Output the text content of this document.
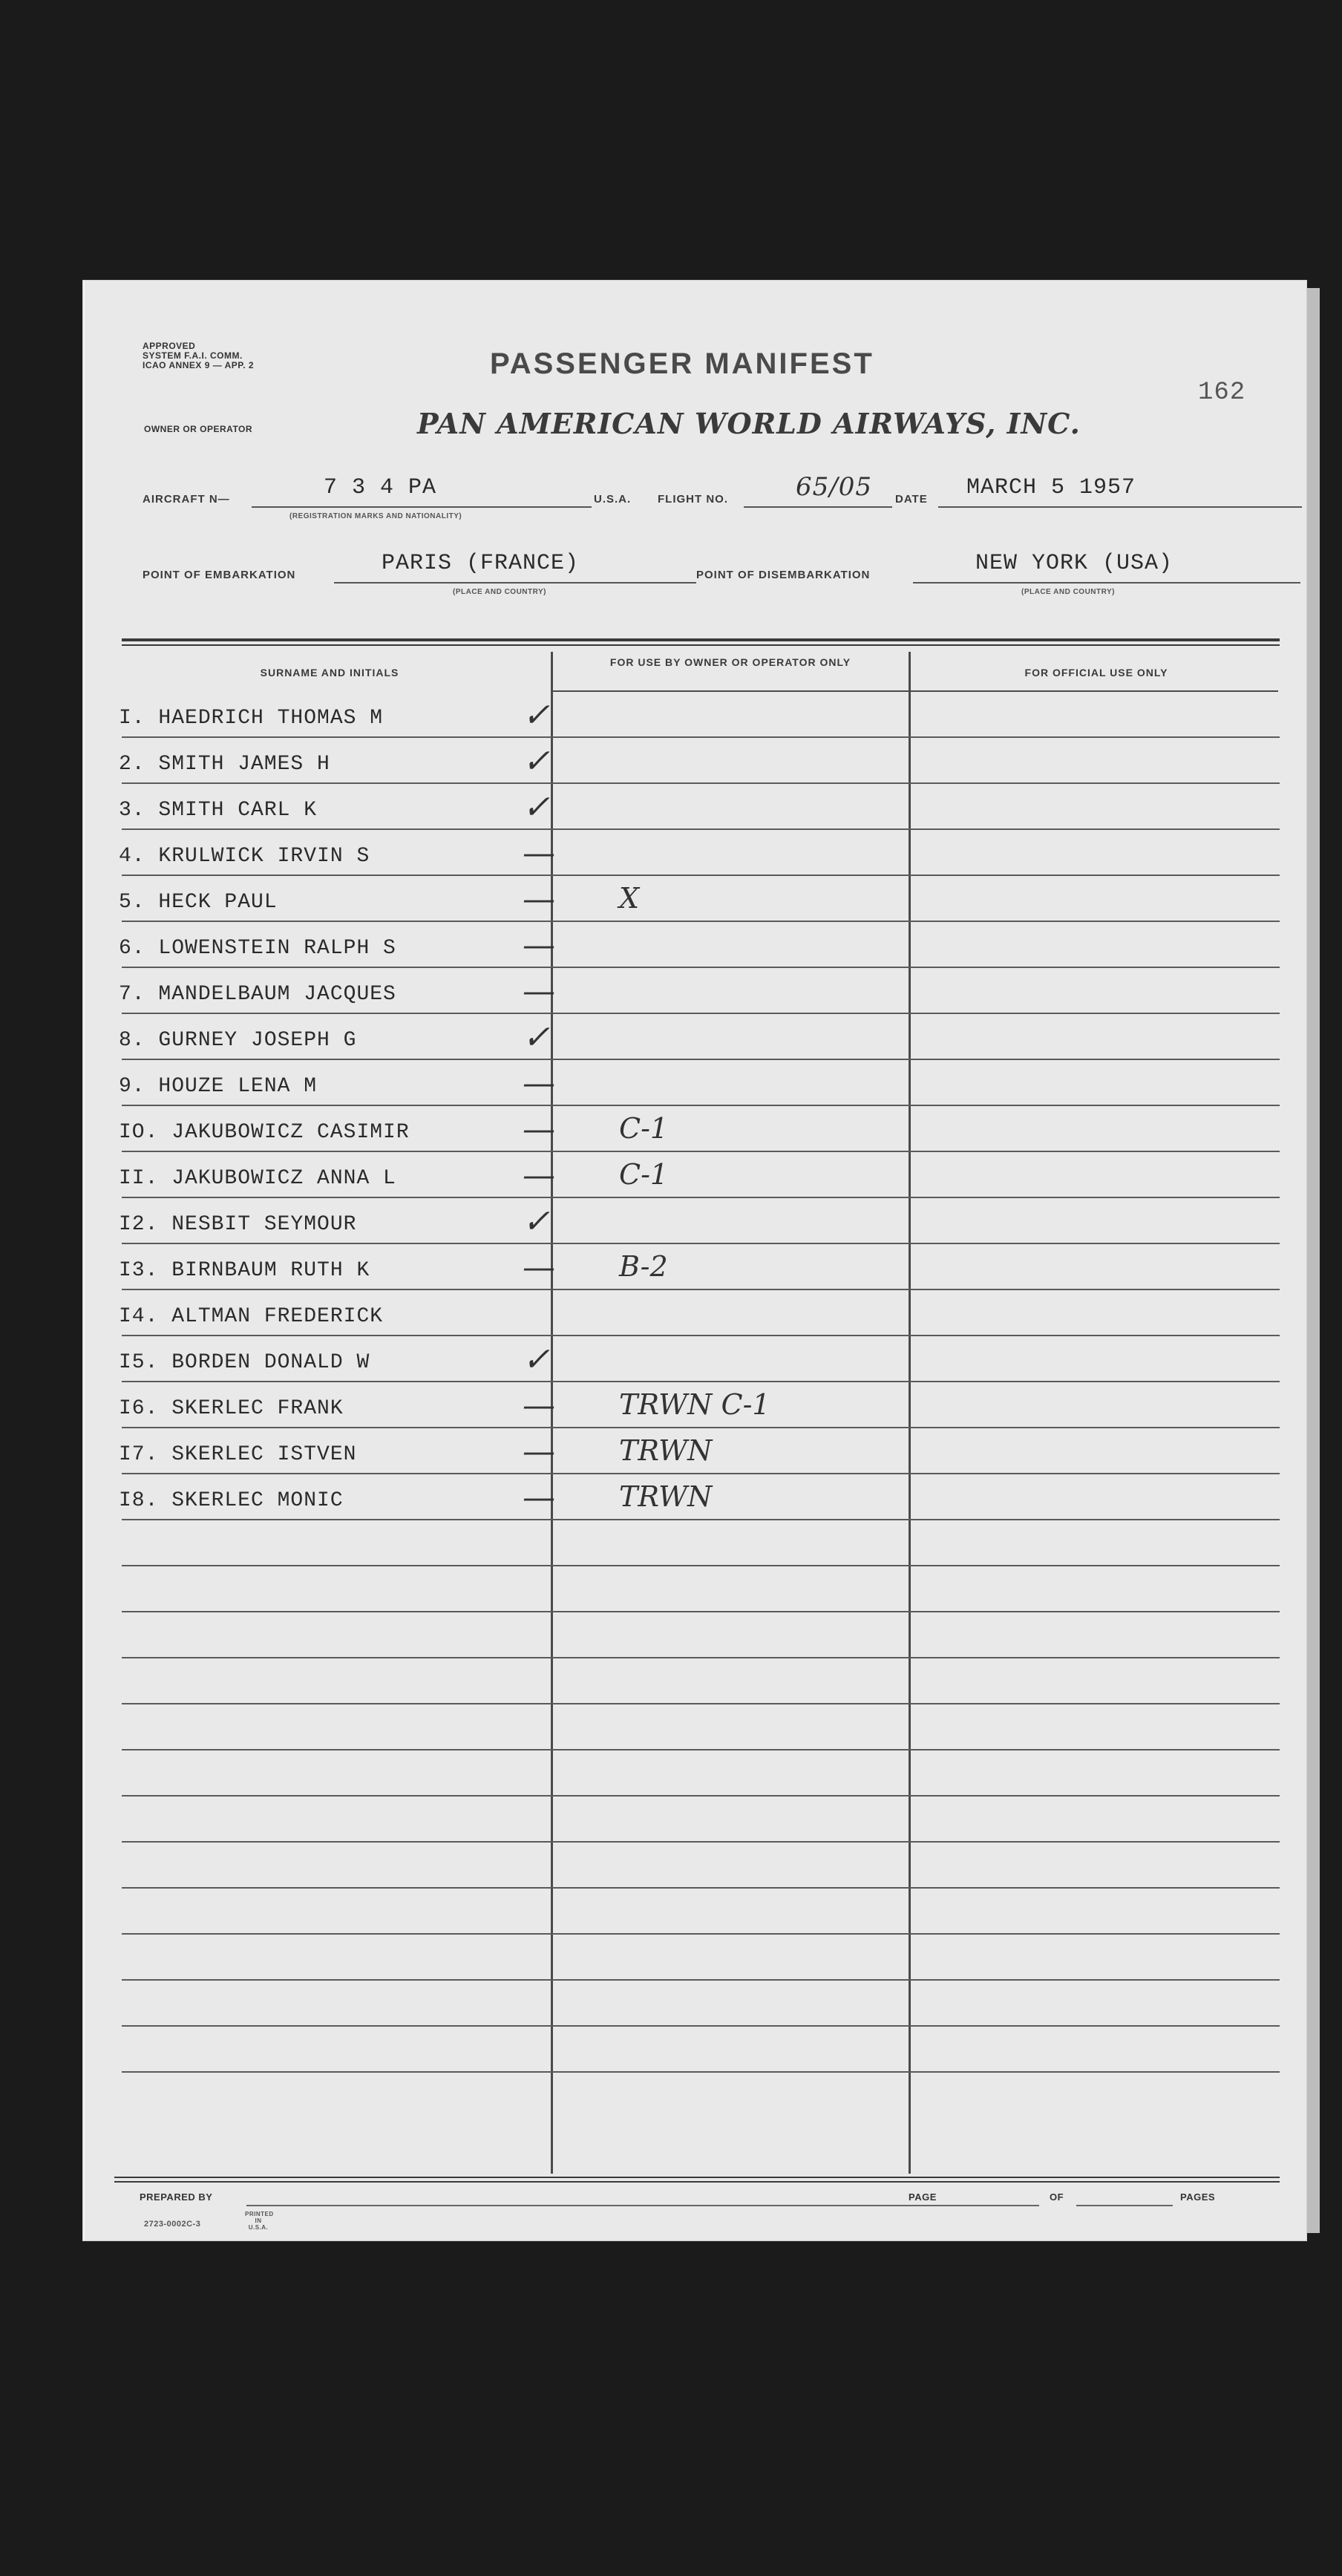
APPROVED
SYSTEM F.A.I. COMM.
ICAO ANNEX 9 — APP. 2	PASSENGER MANIFEST
162
OWNER OR OPERATOR	PAN AMERICAN WORLD AIRWAYS, INC.
AIRCRAFT N—	7 3 4 PA
(REGISTRATION MARKS AND NATIONALITY)
U.S.A. FLIGHT NO.	65/05 DATE MARCH 5 1957
POINT OF EMBARKATION	PARIS (FRANCE)
(PLACE AND COUNTRY)
POINT OF DISEMBARKATION	NEW YORK (USA)
(PLACE AND COUNTRY)
SURNAME AND INITIALS
FOR USE BY OWNER OR OPERATOR ONLY
FOR OFFICIAL USE ONLY
I. HAEDRICH THOMAS M	✓
2. SMITH JAMES H	✓
3. SMITH CARL K	✓
4. KRULWICK IRVIN S	—
5. HECK PAUL	— X
6. LOWENSTEIN RALPH S	—
7. MANDELBAUM JACQUES	—
8. GURNEY JOSEPH G	✓
9. HOUZE LENA M	—
IO. JAKUBOWICZ CASIMIR	— C-1
II. JAKUBOWICZ ANNA L	— C-1
I2. NESBIT SEYMOUR	✓
I3. BIRNBAUM RUTH K	— B-2
I4. ALTMAN FREDERICK
I5. BORDEN DONALD W	✓
I6. SKERLEC FRANK	— TRWN C-1
I7. SKERLEC ISTVEN	— TRWN
I8. SKERLEC MONIC	— TRWN
PREPARED BY	PAGE	OF	PAGES
2723-0002C-3
PRINTED IN U.S.A.
